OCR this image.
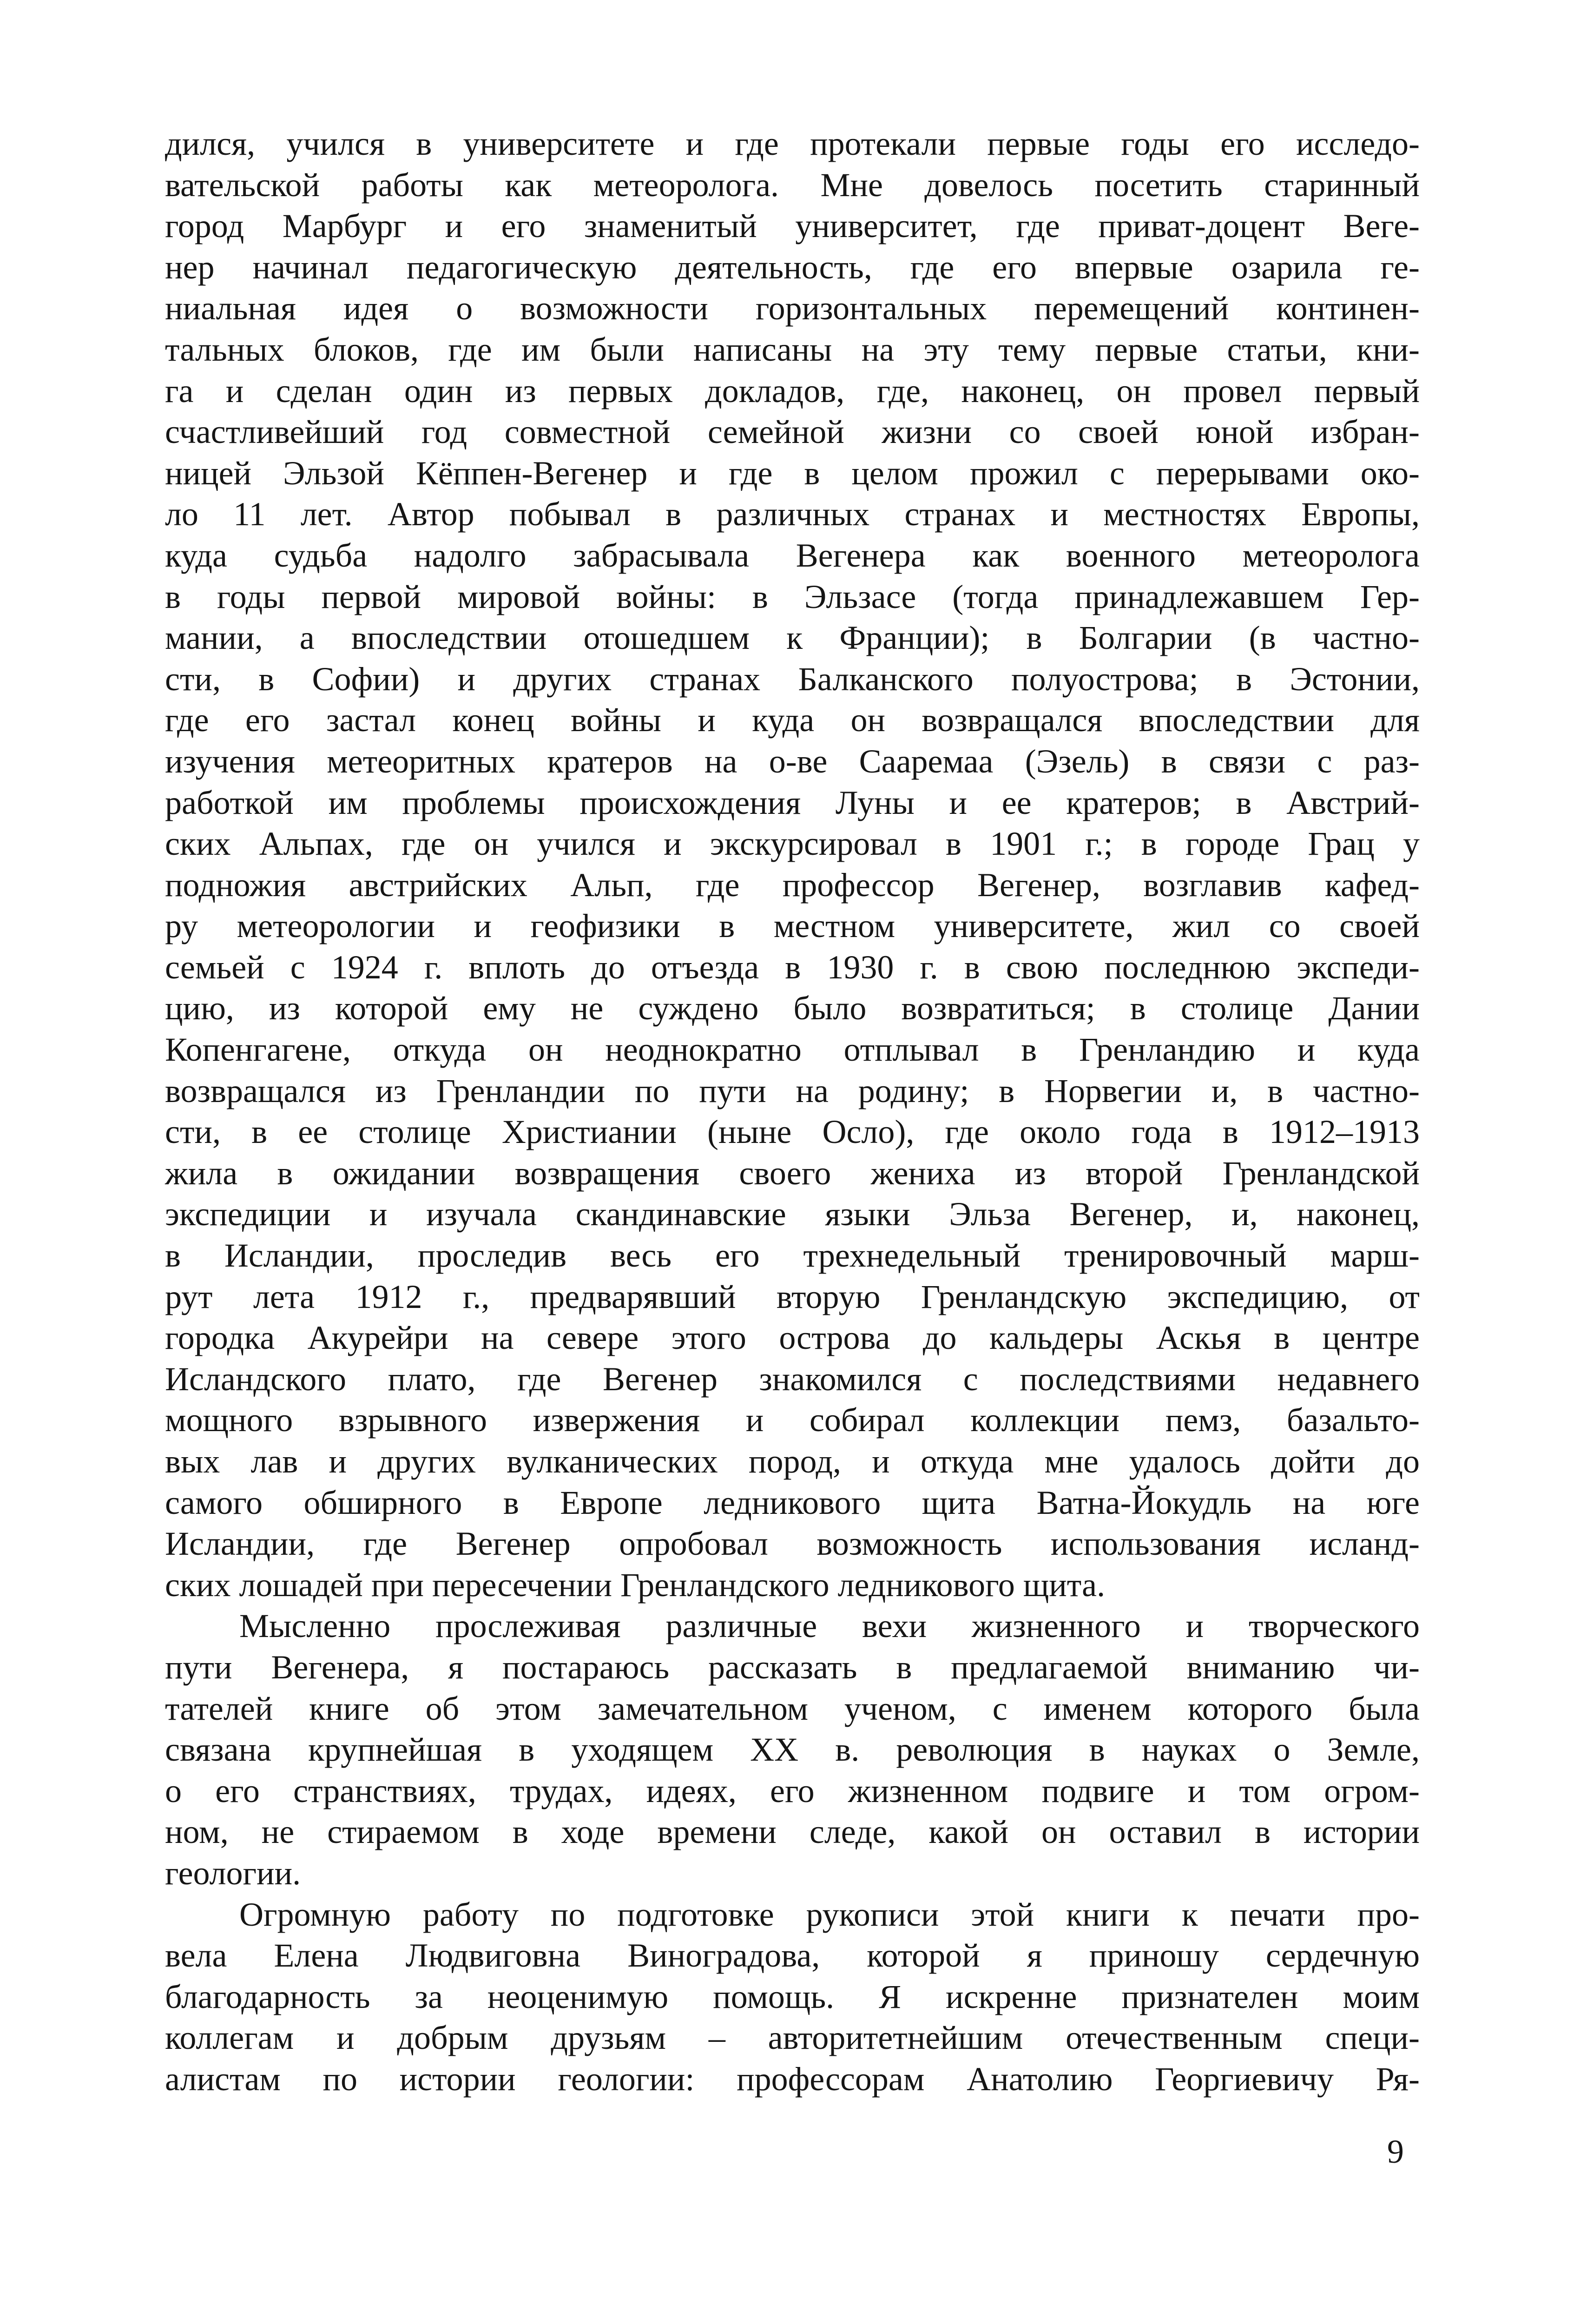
дился, учился в университете и где протекали первые годы его исследо-
вательской работы как метеоролога. Мне довелось посетить старинный
город Марбург и его знаменитый университет, где приват-доцент Веге-
нер начинал педагогическую деятельность, где его впервые озарила ге-
ниальная идея о возможности горизонтальных перемещений континен-
тальных блоков, где им были написаны на эту тему первые статьи, кни-
га и сделан один из первых докладов, где, наконец, он провел первый
счастливейший год совместной семейной жизни со своей юной избран-
ницей Эльзой Кёппен-Вегенер и где в целом прожил с перерывами око-
ло 11 лет. Автор побывал в различных странах и местностях Европы,
куда судьба надолго забрасывала Вегенера как военного метеоролога
в годы первой мировой войны: в Эльзасе (тогда принадлежавшем Гер-
мании, а впоследствии отошедшем к Франции); в Болгарии (в частно-
сти, в Софии) и других странах Балканского полуострова; в Эстонии,
где его застал конец войны и куда он возвращался впоследствии для
изучения метеоритных кратеров на о-ве Сааремаа (Эзель) в связи с раз-
работкой им проблемы происхождения Луны и ее кратеров; в Австрий-
ских Альпах, где он учился и экскурсировал в 1901 г.; в городе Грац у
подножия австрийских Альп, где профессор Вегенер, возглавив кафед-
ру метеорологии и геофизики в местном университете, жил со своей
семьей с 1924 г. вплоть до отъезда в 1930 г. в свою последнюю экспеди-
цию, из которой ему не суждено было возвратиться; в столице Дании
Копенгагене, откуда он неоднократно отплывал в Гренландию и куда
возвращался из Гренландии по пути на родину; в Норвегии и, в частно-
сти, в ее столице Христиании (ныне Осло), где около года в 1912–1913
жила в ожидании возвращения своего жениха из второй Гренландской
экспедиции и изучала скандинавские языки Эльза Вегенер, и, наконец,
в Исландии, проследив весь его трехнедельный тренировочный марш-
рут лета 1912 г., предварявший вторую Гренландскую экспедицию, от
городка Акурейри на севере этого острова до кальдеры Аскья в центре
Исландского плато, где Вегенер знакомился с последствиями недавнего
мощного взрывного извержения и собирал коллекции пемз, базальто-
вых лав и других вулканических пород, и откуда мне удалось дойти до
самого обширного в Европе ледникового щита Ватна-Йокудль на юге
Исландии, где Вегенер опробовал возможность использования исланд-
ских лошадей при пересечении Гренландского ледникового щита.
Мысленно прослеживая различные вехи жизненного и творческого
пути Вегенера, я постараюсь рассказать в предлагаемой вниманию чи-
тателей книге об этом замечательном ученом, с именем которого была
связана крупнейшая в уходящем XX в. революция в науках о Земле,
о его странствиях, трудах, идеях, его жизненном подвиге и том огром-
ном, не стираемом в ходе времени следе, какой он оставил в истории
геологии.
Огромную работу по подготовке рукописи этой книги к печати про-
вела Елена Людвиговна Виноградова, которой я приношу сердечную
благодарность за неоценимую помощь. Я искренне признателен моим
коллегам и добрым друзьям – авторитетнейшим отечественным специ-
алистам по истории геологии: профессорам Анатолию Георгиевичу Ря-
9
